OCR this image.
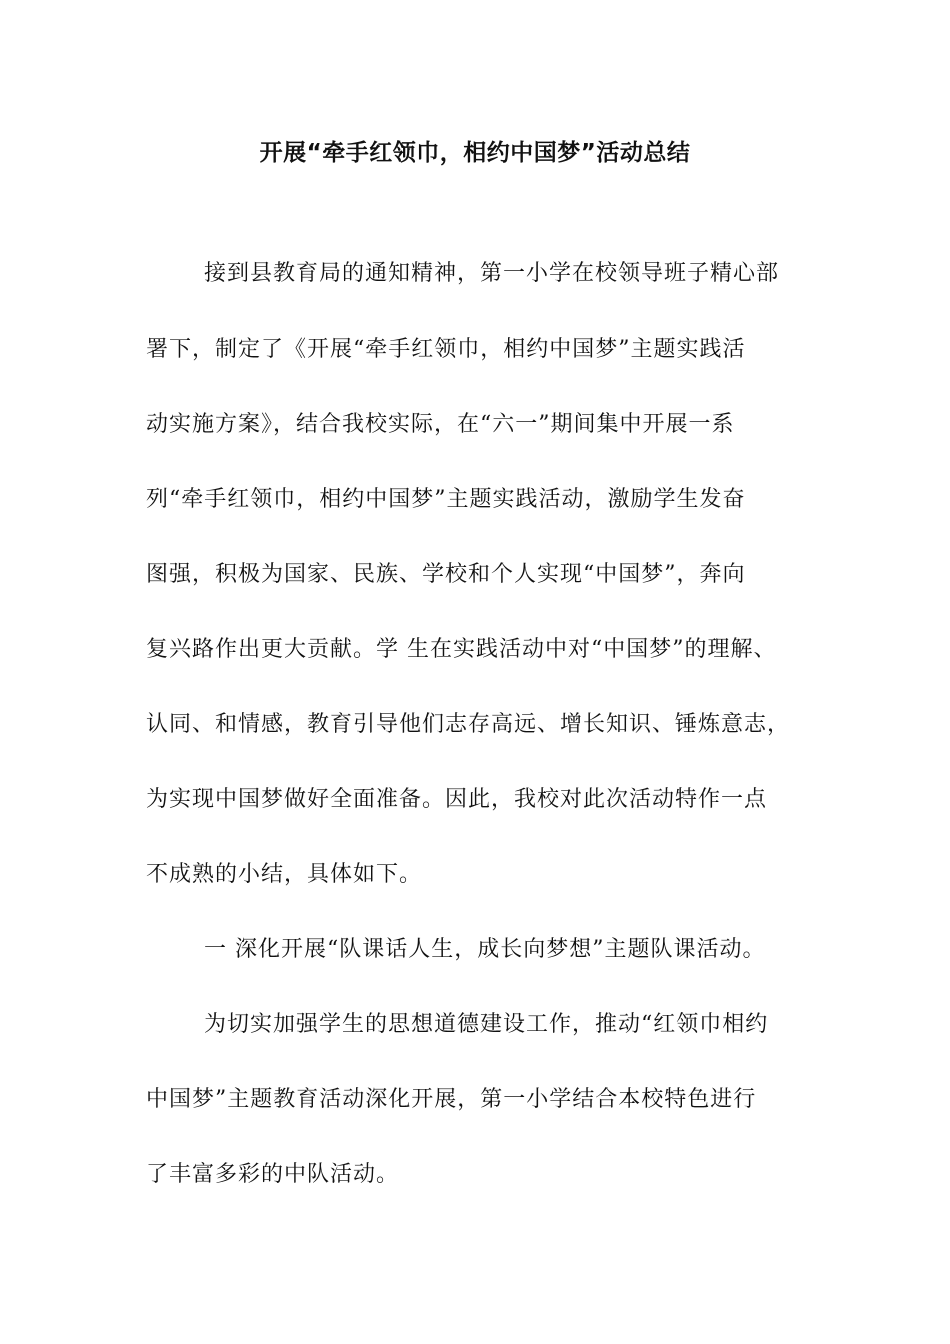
开展“牵手红领巾，相约中国梦”活动总结

接到县教育局的通知精神，第一小学在校领导班子精心部

署下，制定了《开展“牵手红领巾，相约中国梦”主题实践活

动实施方案》，结合我校实际，在“六一”期间集中开展一系

列“牵手红领巾，相约中国梦”主题实践活动，激励学生发奋

图强，积极为国家、民族、学校和个人实现“中国梦”，奔向

复兴路作出更大贡献。学 生在实践活动中对“中国梦”的理解、

认同、和情感，教育引导他们志存高远、增长知识、锤炼意志，

为实现中国梦做好全面准备。因此，我校对此次活动特作一点

不成熟的小结，具体如下。

一 深化开展“队课话人生，成长向梦想”主题队课活动。

为切实加强学生的思想道德建设工作，推动“红领巾相约

中国梦”主题教育活动深化开展，第一小学结合本校特色进行

了丰富多彩的中队活动。
